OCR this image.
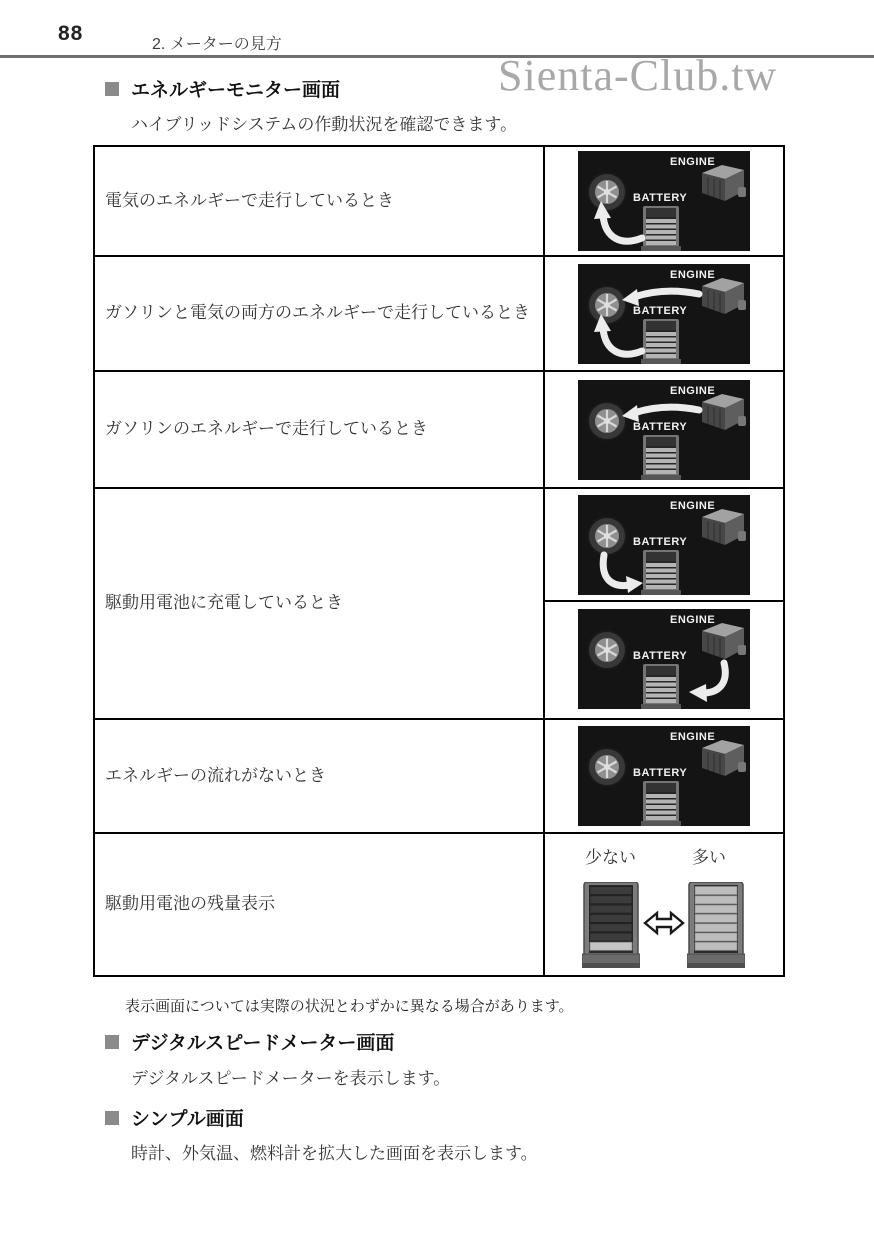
88	2. メーターの見方
Sienta-Club.tw
エネルギーモニター画面
ハイブリッドシステムの作動状況を確認できます。
電気のエネルギーで走行しているとき
ENGINE
BATTERY
ガソリンと電気の両方のエネルギーで走行しているとき
ENGINE
BATTERY
ガソリンのエネルギーで走行しているとき
ENGINE
BATTERY
駆動用電池に充電しているとき
ENGINE
BATTERY
ENGINE
BATTERY
エネルギーの流れがないとき
ENGINE
BATTERY
駆動用電池の残量表示
少ない	多い
表示画面については実際の状況とわずかに異なる場合があります。
デジタルスピードメーター画面
デジタルスピードメーターを表示します。
シンプル画面
時計、外気温、燃料計を拡大した画面を表示します。
